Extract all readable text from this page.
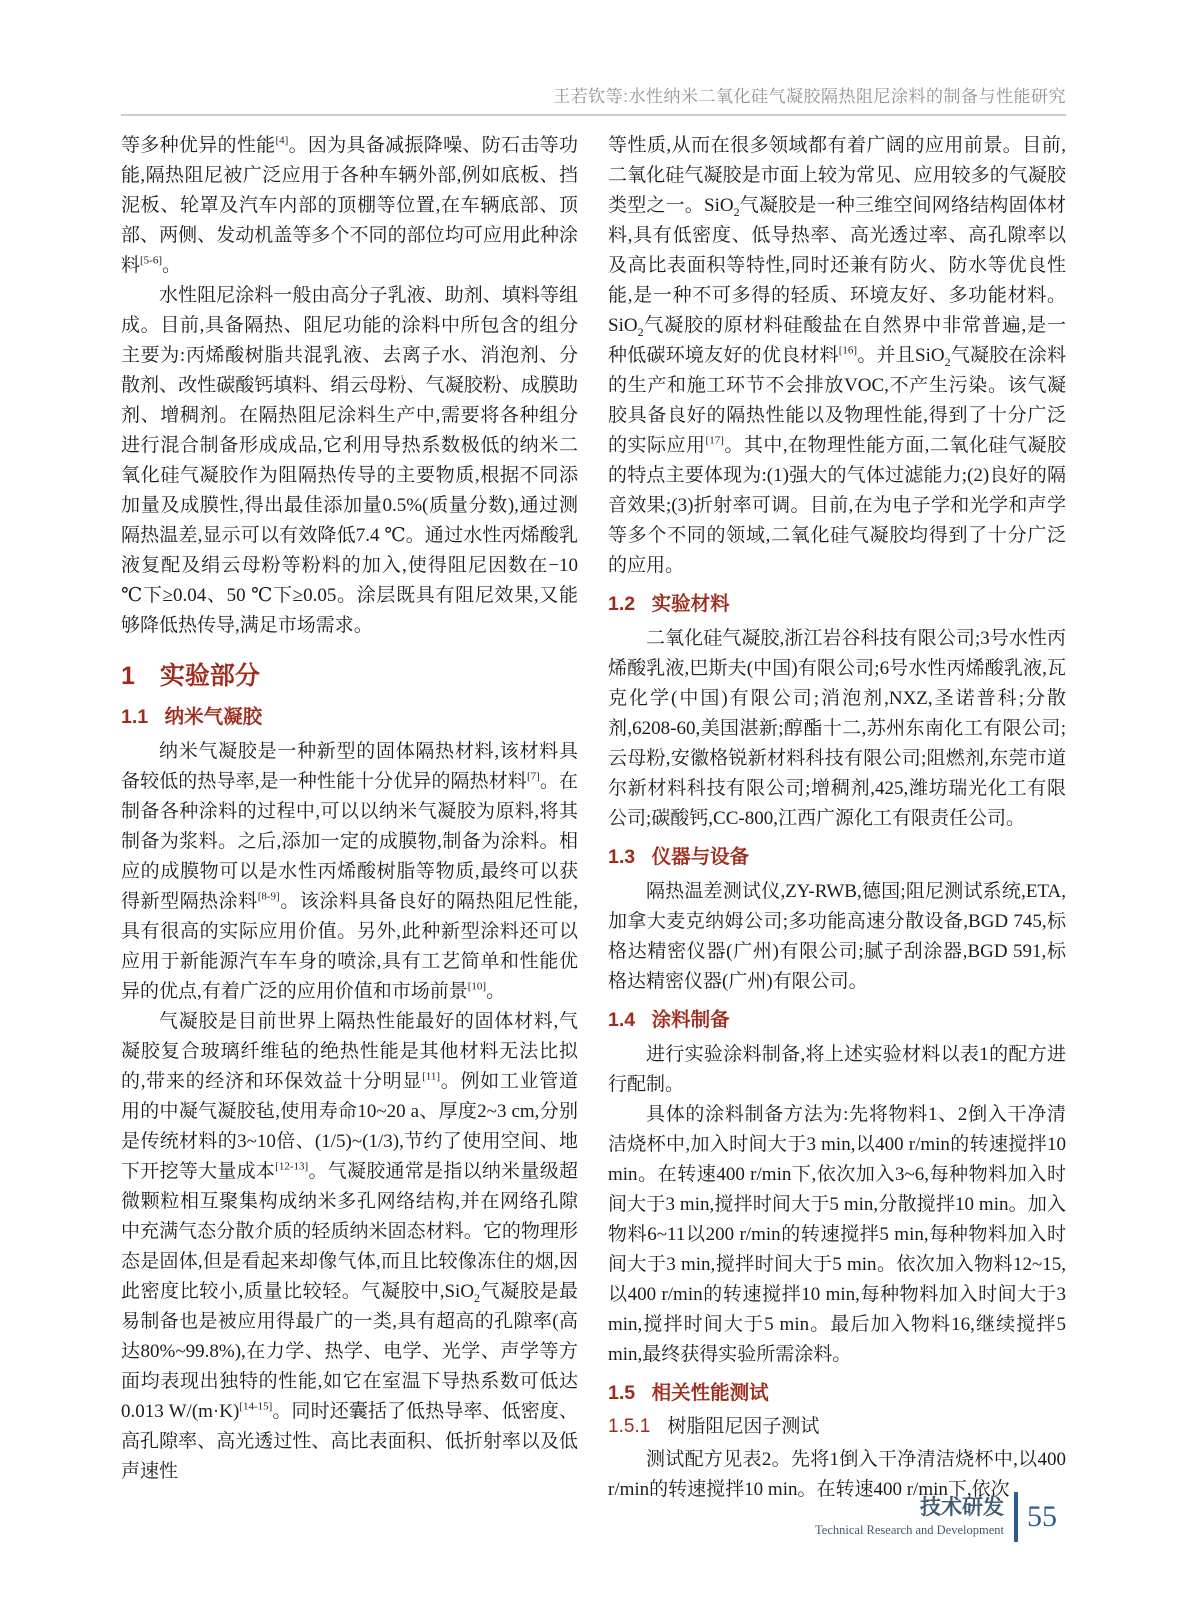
王若钦等:水性纳米二氧化硅气凝胶隔热阻尼涂料的制备与性能研究

等多种优异的性能[4]。因为具备减振降噪、防石击等功能,隔热阻尼被广泛应用于各种车辆外部,例如底板、挡泥板、轮罩及汽车内部的顶棚等位置,在车辆底部、顶部、两侧、发动机盖等多个不同的部位均可应用此种涂料[5-6]。

水性阻尼涂料一般由高分子乳液、助剂、填料等组成。目前,具备隔热、阻尼功能的涂料中所包含的组分主要为:丙烯酸树脂共混乳液、去离子水、消泡剂、分散剂、改性碳酸钙填料、绢云母粉、气凝胶粉、成膜助剂、增稠剂。在隔热阻尼涂料生产中,需要将各种组分进行混合制备形成成品,它利用导热系数极低的纳米二氧化硅气凝胶作为阻隔热传导的主要物质,根据不同添加量及成膜性,得出最佳添加量0.5%(质量分数),通过测隔热温差,显示可以有效降低7.4 ℃。通过水性丙烯酸乳液复配及绢云母粉等粉料的加入,使得阻尼因数在−10 ℃下≥0.04、50 ℃下≥0.05。涂层既具有阻尼效果,又能够降低热传导,满足市场需求。

1 实验部分
1.1 纳米气凝胶

纳米气凝胶是一种新型的固体隔热材料,该材料具备较低的热导率,是一种性能十分优异的隔热材料[7]。在制备各种涂料的过程中,可以以纳米气凝胶为原料,将其制备为浆料。之后,添加一定的成膜物,制备为涂料。相应的成膜物可以是水性丙烯酸树脂等物质,最终可以获得新型隔热涂料[8-9]。该涂料具备良好的隔热阻尼性能,具有很高的实际应用价值。另外,此种新型涂料还可以应用于新能源汽车车身的喷涂,具有工艺简单和性能优异的优点,有着广泛的应用价值和市场前景[10]。

气凝胶是目前世界上隔热性能最好的固体材料,气凝胶复合玻璃纤维毡的绝热性能是其他材料无法比拟的,带来的经济和环保效益十分明显[11]。例如工业管道用的中凝气凝胶毡,使用寿命10~20 a、厚度2~3 cm,分别是传统材料的3~10倍、(1/5)~(1/3),节约了使用空间、地下开挖等大量成本[12-13]。气凝胶通常是指以纳米量级超微颗粒相互聚集构成纳米多孔网络结构,并在网络孔隙中充满气态分散介质的轻质纳米固态材料。它的物理形态是固体,但是看起来却像气体,而且比较像冻住的烟,因此密度比较小,质量比较轻。气凝胶中,SiO$_2$气凝胶是最易制备也是被应用得最广的一类,具有超高的孔隙率(高达80%~99.8%),在力学、热学、电学、光学、声学等方面均表现出独特的性能,如它在室温下导热系数可低达0.013 W/(m·K)[14-15]。同时还囊括了低热导率、低密度、高孔隙率、高光透过性、高比表面积、低折射率以及低声速性

等性质,从而在很多领域都有着广阔的应用前景。目前,二氧化硅气凝胶是市面上较为常见、应用较多的气凝胶类型之一。SiO$_2$气凝胶是一种三维空间网络结构固体材料,具有低密度、低导热率、高光透过率、高孔隙率以及高比表面积等特性,同时还兼有防火、防水等优良性能,是一种不可多得的轻质、环境友好、多功能材料。SiO$_2$气凝胶的原材料硅酸盐在自然界中非常普遍,是一种低碳环境友好的优良材料[16]。并且SiO$_2$气凝胶在涂料的生产和施工环节不会排放VOC,不产生污染。该气凝胶具备良好的隔热性能以及物理性能,得到了十分广泛的实际应用[17]。其中,在物理性能方面,二氧化硅气凝胶的特点主要体现为:(1)强大的气体过滤能力;(2)良好的隔音效果;(3)折射率可调。目前,在为电子学和光学和声学等多个不同的领域,二氧化硅气凝胶均得到了十分广泛的应用。

1.2 实验材料

二氧化硅气凝胶,浙江岩谷科技有限公司;3号水性丙烯酸乳液,巴斯夫(中国)有限公司;6号水性丙烯酸乳液,瓦克化学(中国)有限公司;消泡剂,NXZ,圣诺普科;分散剂,6208-60,美国湛新;醇酯十二,苏州东南化工有限公司;云母粉,安徽格锐新材料科技有限公司;阻燃剂,东莞市道尔新材料科技有限公司;增稠剂,425,潍坊瑞光化工有限公司;碳酸钙,CC-800,江西广源化工有限责任公司。

1.3 仪器与设备

隔热温差测试仪,ZY-RWB,德国;阻尼测试系统,ETA,加拿大麦克纳姆公司;多功能高速分散设备,BGD 745,标格达精密仪器(广州)有限公司;腻子刮涂器,BGD 591,标格达精密仪器(广州)有限公司。

1.4 涂料制备

进行实验涂料制备,将上述实验材料以表1的配方进行配制。

具体的涂料制备方法为:先将物料1、2倒入干净清洁烧杯中,加入时间大于3 min,以400 r/min的转速搅拌10 min。在转速400 r/min下,依次加入3~6,每种物料加入时间大于3 min,搅拌时间大于5 min,分散搅拌10 min。加入物料6~11以200 r/min的转速搅拌5 min,每种物料加入时间大于3 min,搅拌时间大于5 min。依次加入物料12~15,以400 r/min的转速搅拌10 min,每种物料加入时间大于3 min,搅拌时间大于5 min。最后加入物料16,继续搅拌5 min,最终获得实验所需涂料。

1.5 相关性能测试
1.5.1 树脂阻尼因子测试

测试配方见表2。先将1倒入干净清洁烧杯中,以400 r/min的转速搅拌10 min。在转速400 r/min下,依次

技术研发
Technical Research and Development 55
